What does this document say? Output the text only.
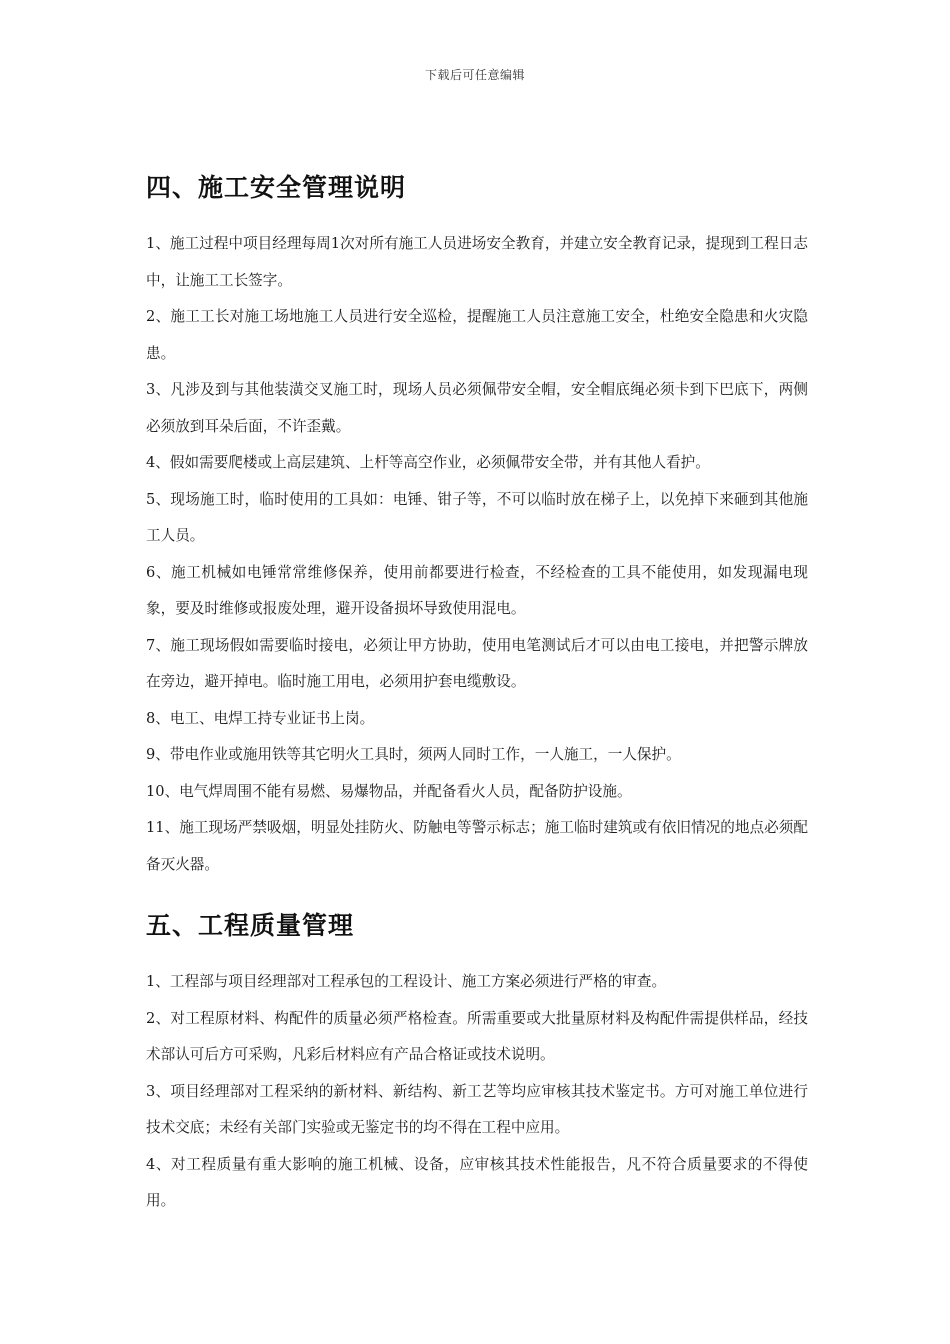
下载后可任意编辑
四、施工安全管理说明

1、施工过程中项目经理每周1次对所有施工人员进场安全教育，并建立安全教育记录，提现到工程日志中，让施工工长签字。

2、施工工长对施工场地施工人员进行安全巡检，提醒施工人员注意施工安全，杜绝安全隐患和火灾隐患。

3、凡涉及到与其他装潢交叉施工时，现场人员必须佩带安全帽，安全帽底绳必须卡到下巴底下，两侧必须放到耳朵后面，不许歪戴。

4、假如需要爬楼或上高层建筑、上杆等高空作业，必须佩带安全带，并有其他人看护。

5、现场施工时，临时使用的工具如：电锤、钳子等，不可以临时放在梯子上，以免掉下来砸到其他施工人员。

6、施工机械如电锤常常维修保养，使用前都要进行检查，不经检查的工具不能使用，如发现漏电现象，要及时维修或报废处理，避开设备损坏导致使用混电。

7、施工现场假如需要临时接电，必须让甲方协助，使用电笔测试后才可以由电工接电，并把警示牌放在旁边，避开掉电。临时施工用电，必须用护套电缆敷设。

8、电工、电焊工持专业证书上岗。

9、带电作业或施用铁等其它明火工具时，须两人同时工作，一人施工，一人保护。

10、电气焊周围不能有易燃、易爆物品，并配备看火人员，配备防护设施。

11、施工现场严禁吸烟，明显处挂防火、防触电等警示标志；施工临时建筑或有依旧情况的地点必须配备灭火器。

五、工程质量管理

1、工程部与项目经理部对工程承包的工程设计、施工方案必须进行严格的审查。

2、对工程原材料、构配件的质量必须严格检查。所需重要或大批量原材料及构配件需提供样品，经技术部认可后方可采购，凡彩后材料应有产品合格证或技术说明。

3、项目经理部对工程采纳的新材料、新结构、新工艺等均应审核其技术鉴定书。方可对施工单位进行技术交底；未经有关部门实验或无鉴定书的均不得在工程中应用。

4、对工程质量有重大影响的施工机械、设备，应审核其技术性能报告，凡不符合质量要求的不得使用。
